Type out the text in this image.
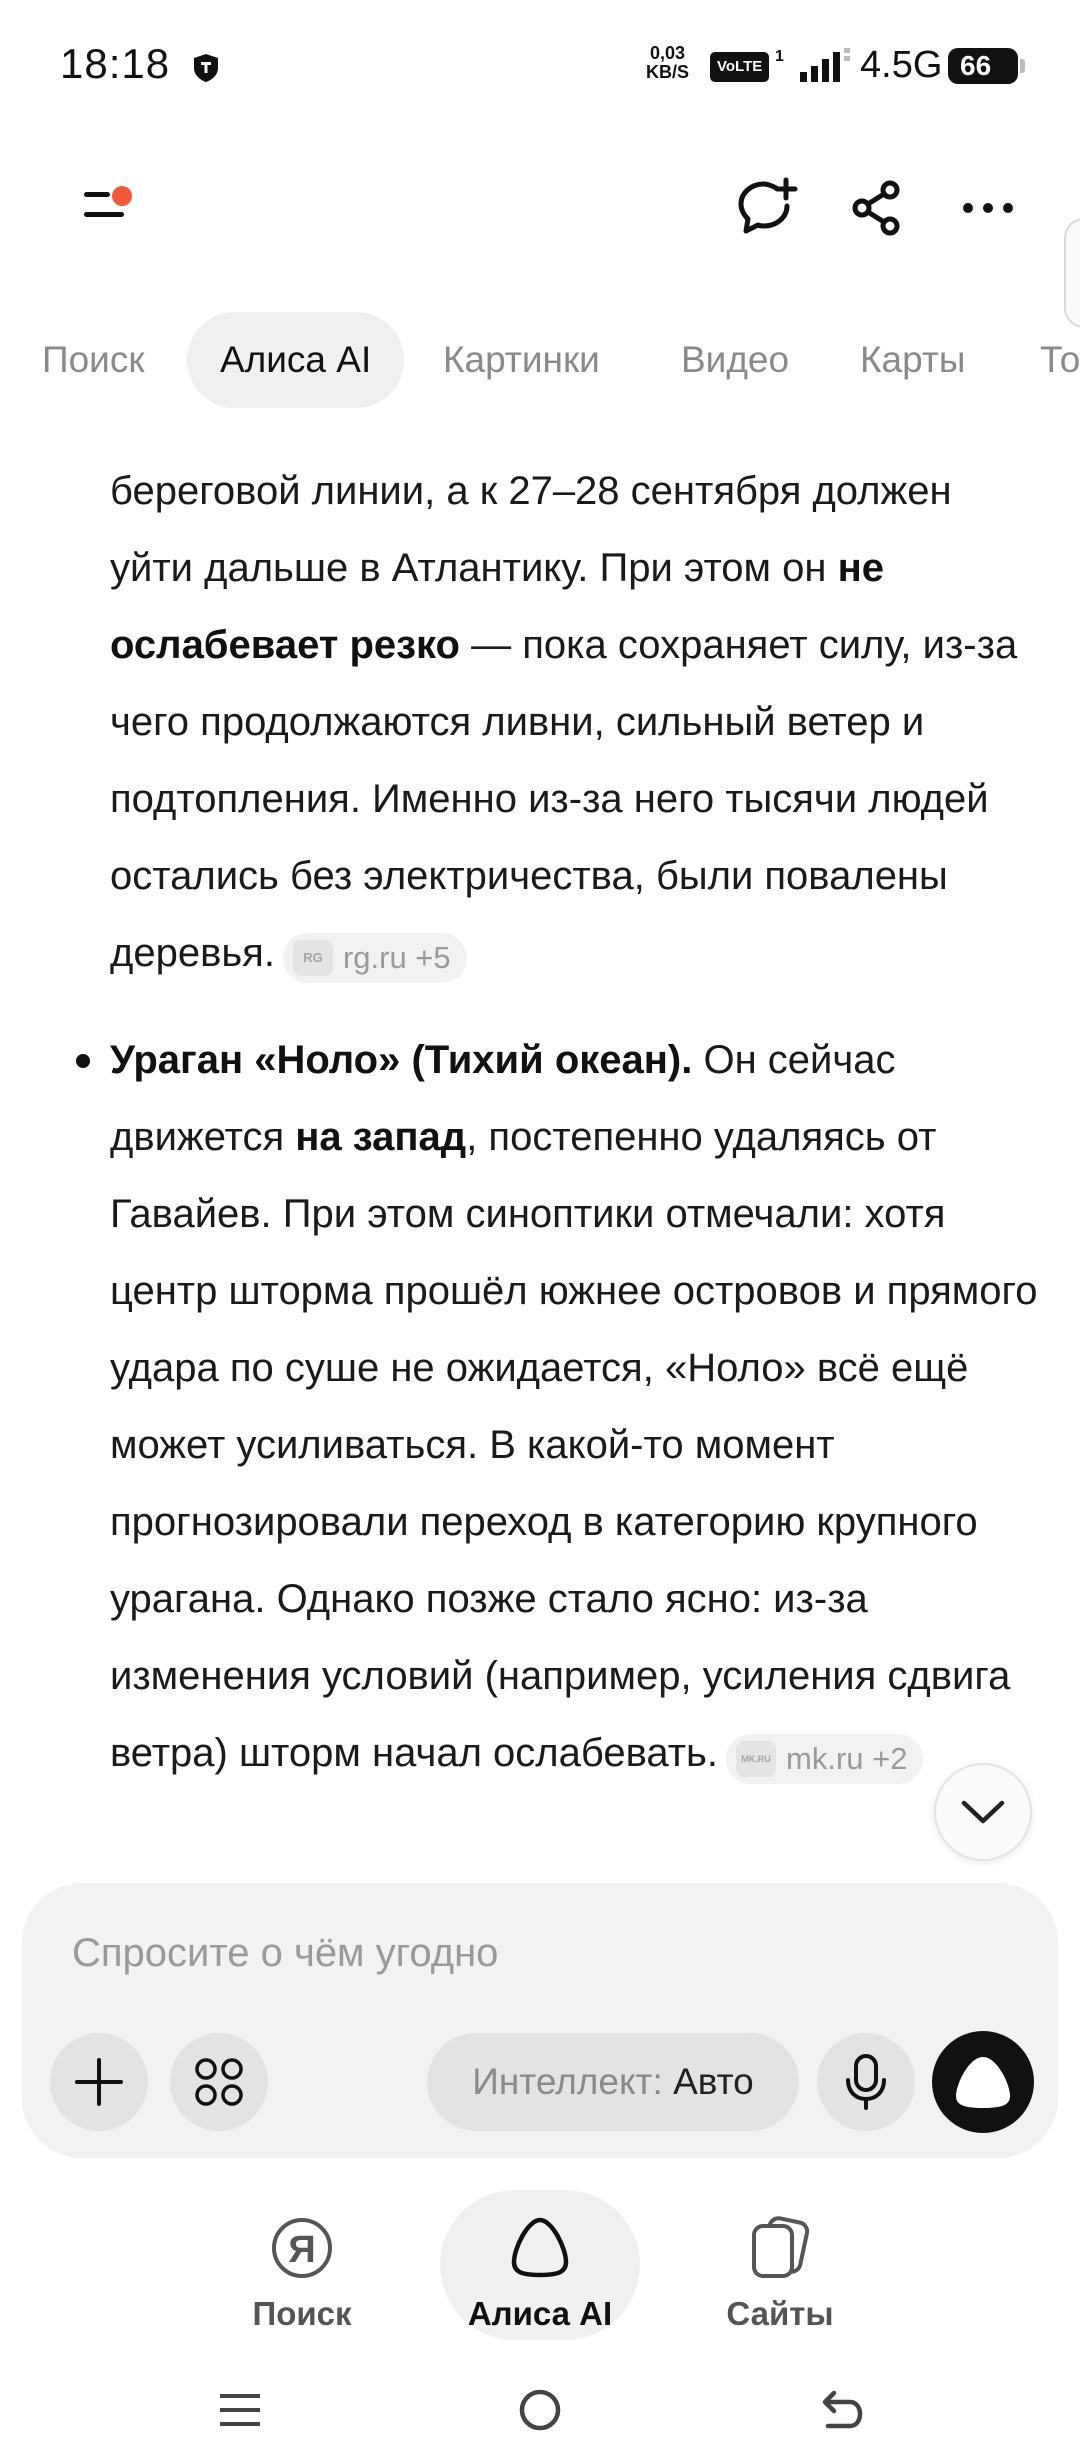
18:18	0,03
KB/S	VoLTE
1 4.5G 66
Поиск	Алиса AI	Картинки Видео Карты То
береговой линии, а к 27–28 сентября должен уйти дальше в Атлантику. При этом он не ослабевает резко — пока сохраняет силу, из-за чего продолжаются ливни, сильный ветер и подтопления. Именно из-за него тысячи людей остались без электричества, были повалены деревья.	RG rg.ru +5
Ураган «Ноло» (Тихий океан). Он сейчас движется на запад, постепенно удаляясь от Гавайев. При этом синоптики отмечали: хотя центр шторма прошёл южнее островов и прямого удара по суше не ожидается, «Ноло» всё ещё может усиливаться. В какой-то момент прогнозировали переход в категорию крупного урагана. Однако позже стало ясно: из-за изменения условий (например, усиления сдвига ветра) шторм начал ослабевать.	MK.RU mk.ru +2
Спросите о чём угодно
Интеллект: Авто
Я
Поиск	Алиса AI	Сайты
